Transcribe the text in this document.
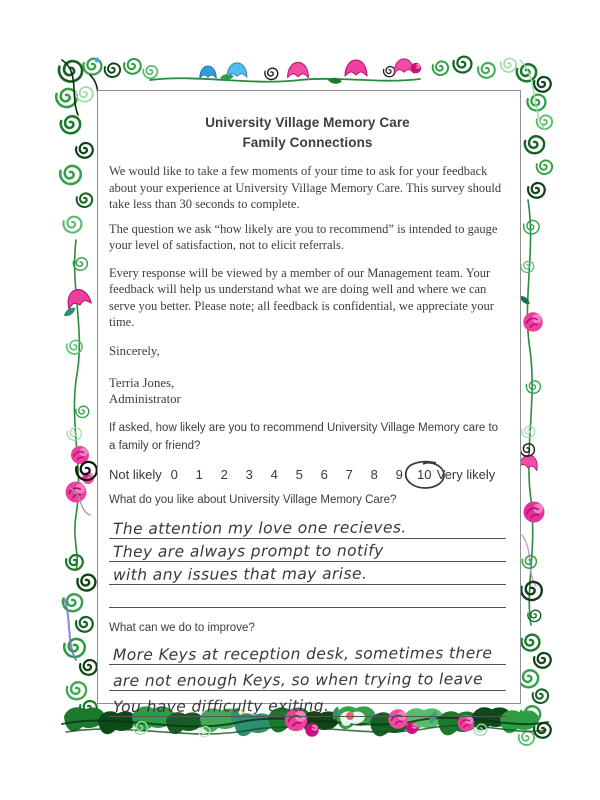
University Village Memory Care
Family Connections

We would like to take a few moments of your time to ask for your feedback about your experience at University Village Memory Care. This survey should take less than 30 seconds to complete.

The question we ask “how likely are you to recommend” is intended to gauge your level of satisfaction, not to elicit referrals.

Every response will be viewed by a member of our Management team. Your feedback will help us understand what we are doing well and where we can serve you better. Please note; all feedback is confidential, we appreciate your time.

Sincerely,
Terria Jones,
Administrator

If asked, how likely are you to recommend University Village Memory care to a family or friend?

Not likely 0	1	2	3	4	5	6	7	8	9	10 Very likely

What do you like about University Village Memory Care?

The attention my love one recieves.
They are always prompt to notify
with any issues that may arise.

What can we do to improve?

More Keys at reception desk, sometimes there
are not enough Keys, so when trying to leave
You have difficulty exiting.
